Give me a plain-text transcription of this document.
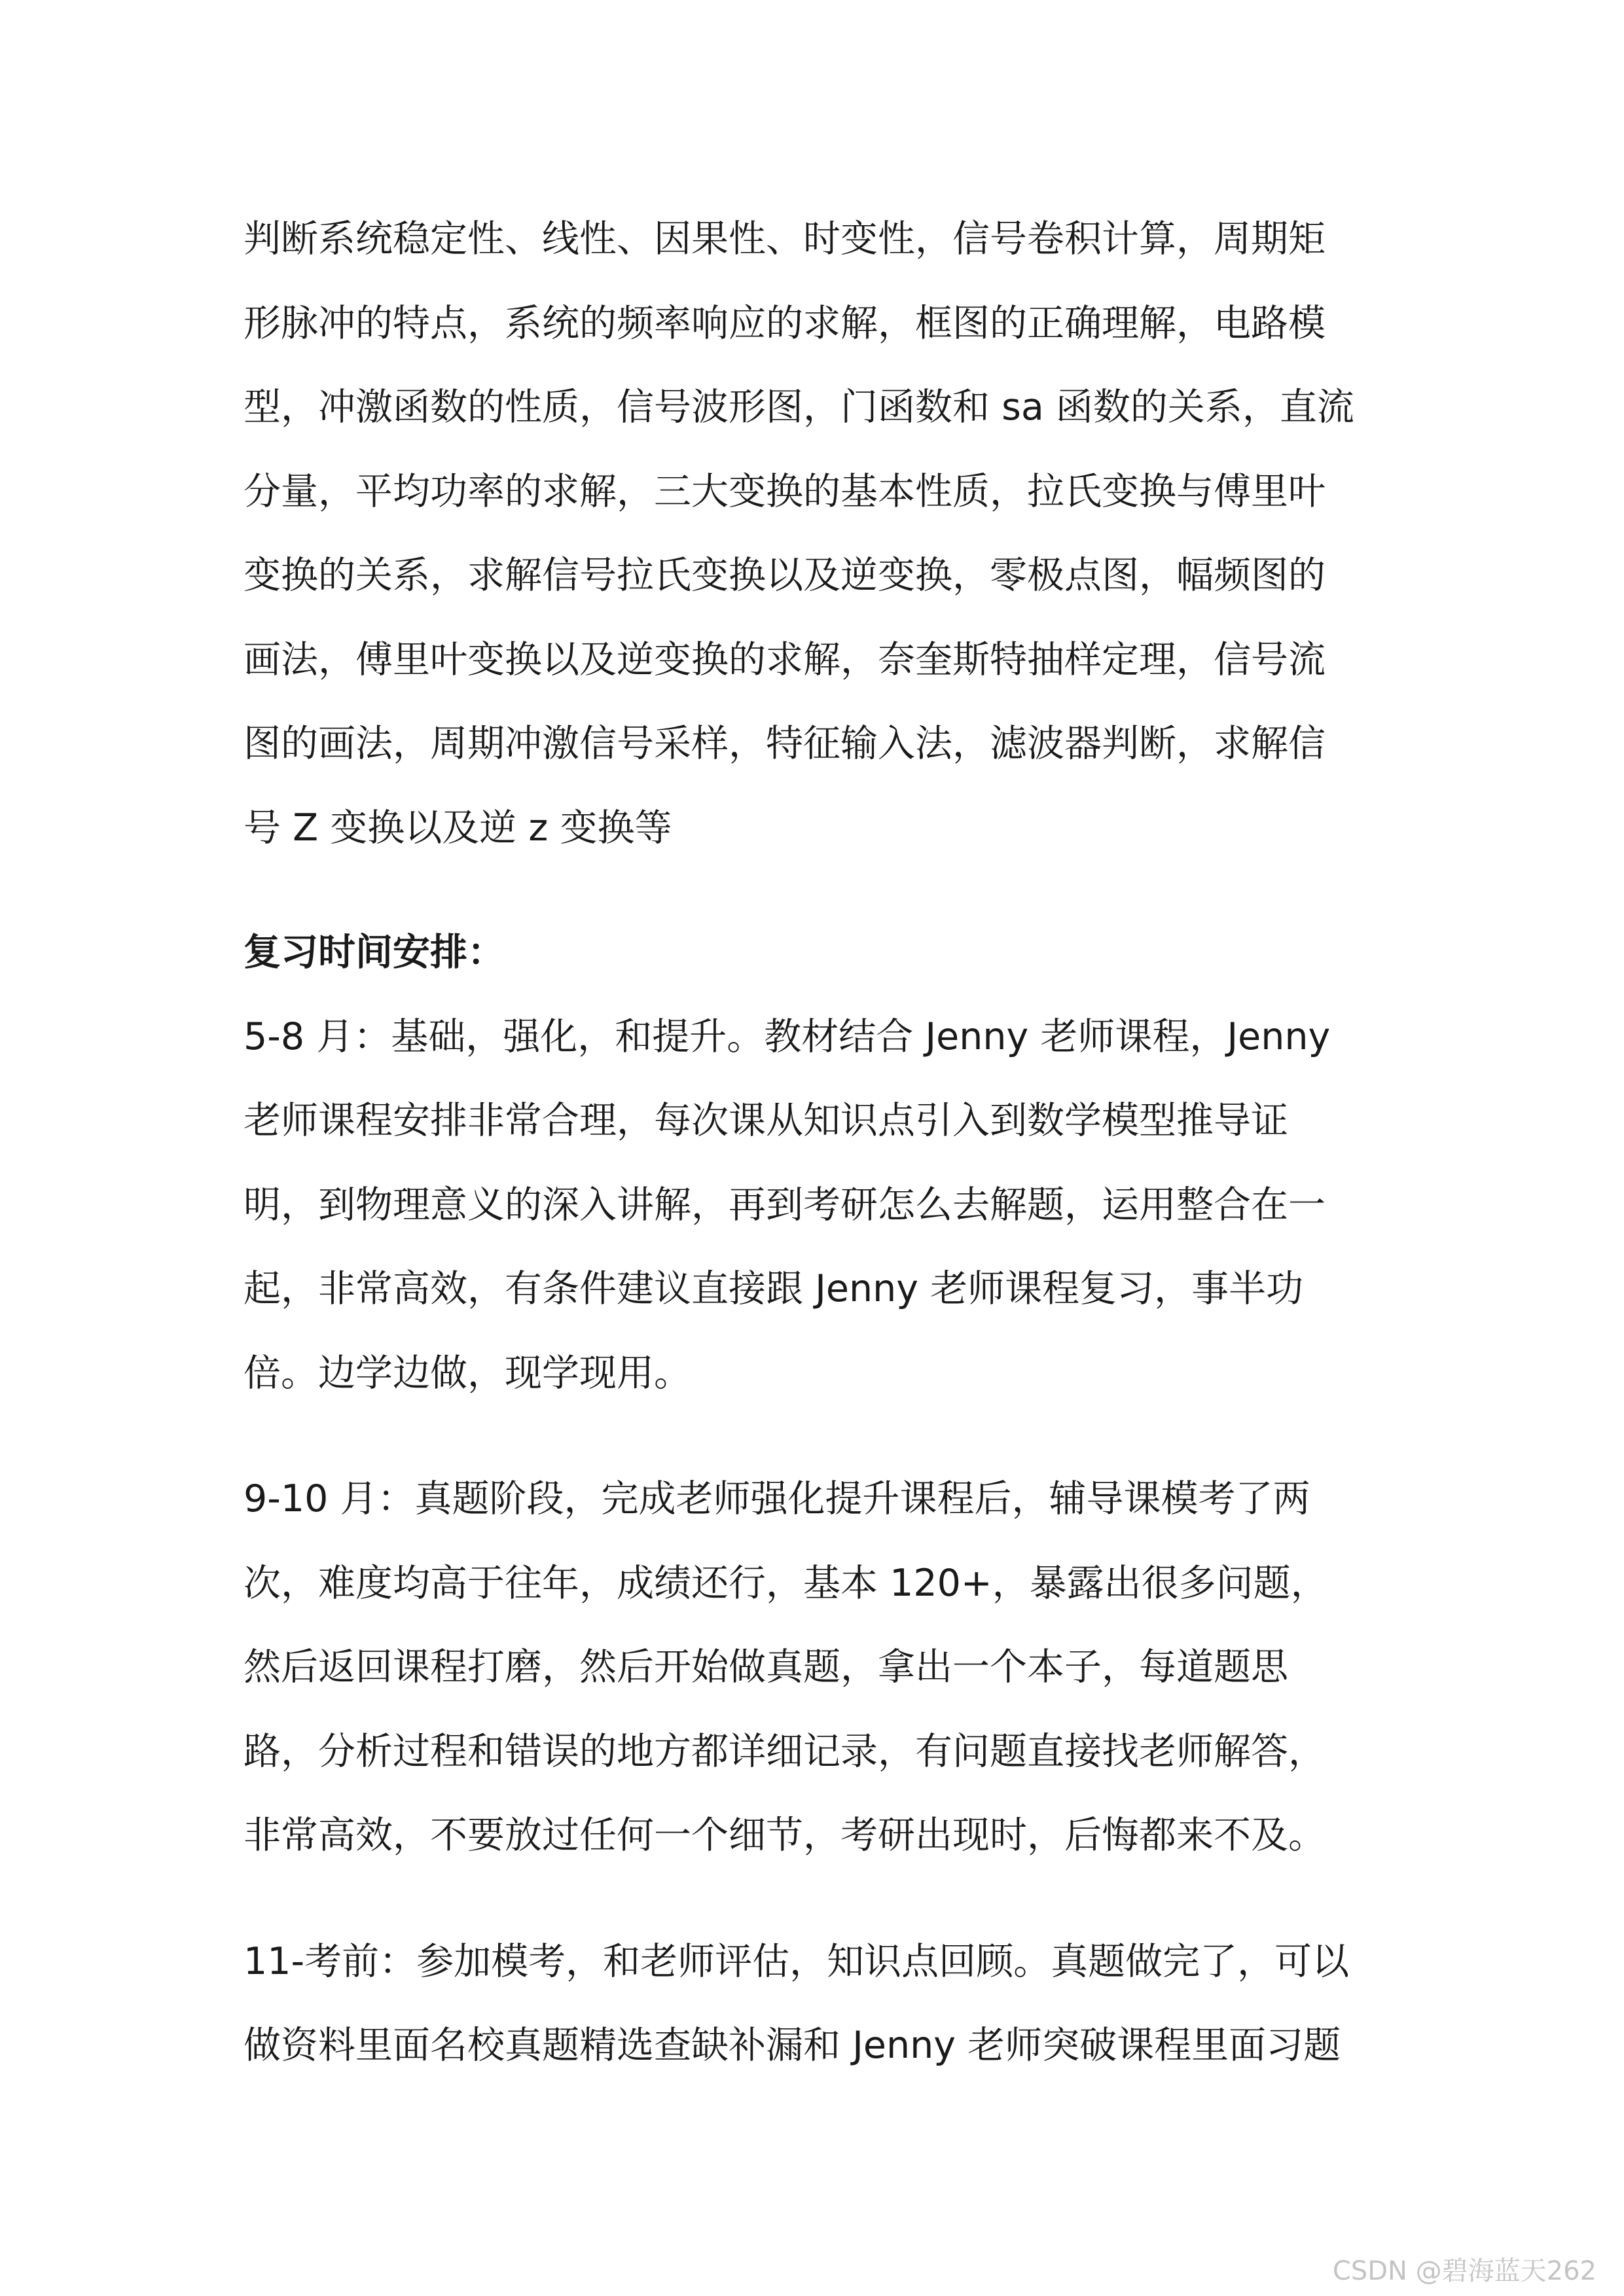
判断系统稳定性、线性、因果性、时变性，信号卷积计算，周期矩
形脉冲的特点，系统的频率响应的求解，框图的正确理解，电路模
型，冲激函数的性质，信号波形图，门函数和 sa 函数的关系，直流
分量，平均功率的求解，三大变换的基本性质，拉氏变换与傅里叶
变换的关系，求解信号拉氏变换以及逆变换，零极点图，幅频图的
画法，傅里叶变换以及逆变换的求解，奈奎斯特抽样定理，信号流
图的画法，周期冲激信号采样，特征输入法，滤波器判断，求解信
号 Z 变换以及逆 z 变换等
复习时间安排：
5-8 月：基础，强化，和提升。教材结合 Jenny 老师课程，Jenny
老师课程安排非常合理，每次课从知识点引入到数学模型推导证
明，到物理意义的深入讲解，再到考研怎么去解题，运用整合在一
起，非常高效，有条件建议直接跟 Jenny 老师课程复习，事半功
倍。边学边做，现学现用。
9-10 月：真题阶段，完成老师强化提升课程后，辅导课模考了两
次，难度均高于往年，成绩还行，基本 120+，暴露出很多问题，
然后返回课程打磨，然后开始做真题，拿出一个本子，每道题思
路，分析过程和错误的地方都详细记录，有问题直接找老师解答，
非常高效，不要放过任何一个细节，考研出现时，后悔都来不及。
11-考前：参加模考，和老师评估，知识点回顾。真题做完了，可以
做资料里面名校真题精选查缺补漏和 Jenny 老师突破课程里面习题
CSDN @碧海蓝天262
